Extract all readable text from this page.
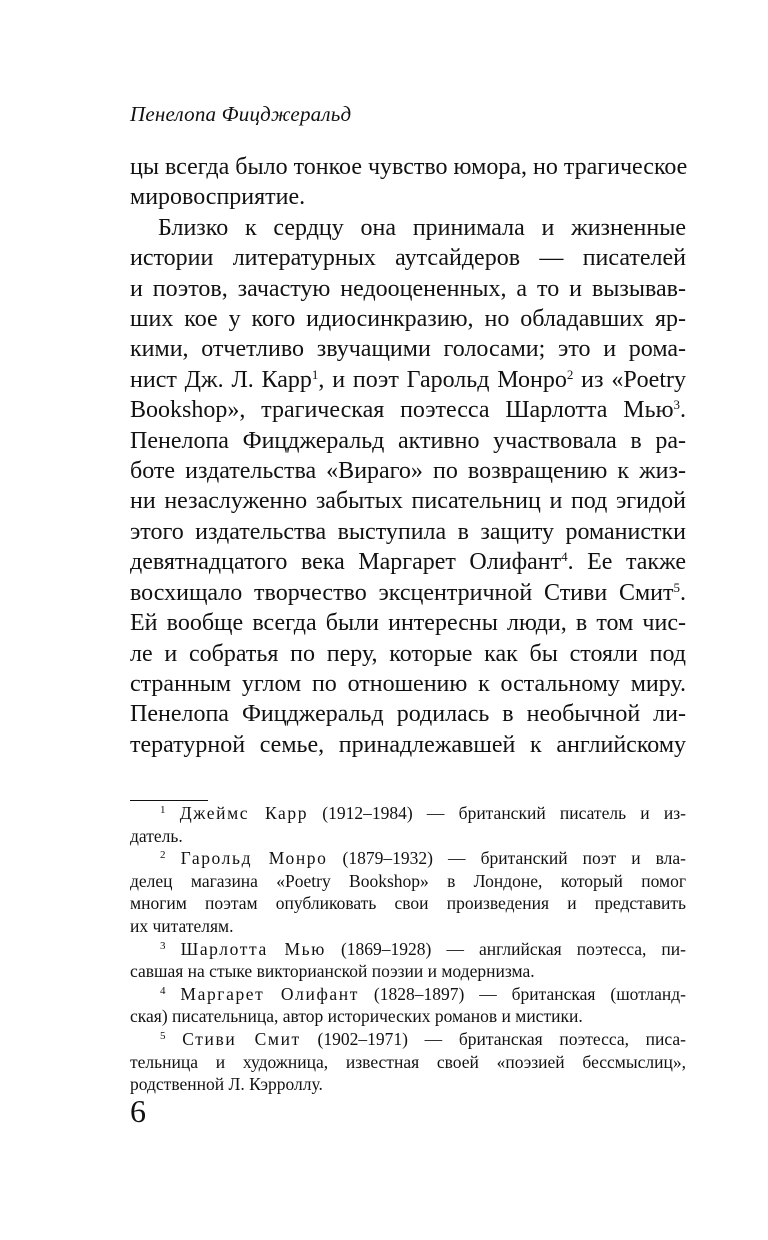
Пенелопа Фицджеральд

цы всегда было тонкое чувство юмора, но трагическое

мировосприятие.

Близко к сердцу она принимала и жизненные

истории литературных аутсайдеров — писателей

и поэтов, зачастую недооцененных, а то и вызывав-

ших кое у кого идиосинкразию, но обладавших яр-

кими, отчетливо звучащими голосами; это и рома-

нист Дж. Л. Карр$^1$, и поэт Гарольд Монро$^2$ из «Poetry

Bookshop», трагическая поэтесса Шарлотта Мью$^3$.

Пенелопа Фицджеральд активно участвовала в ра-

боте издательства «Вираго» по возвращению к жиз-

ни незаслуженно забытых писательниц и под эгидой

этого издательства выступила в защиту романистки

девятнадцатого века Маргарет Олифант$^4$. Ее также

восхищало творчество эксцентричной Стиви Смит$^5$.

Ей вообще всегда были интересны люди, в том чис-

ле и собратья по перу, которые как бы стояли под

странным углом по отношению к остальному миру.

Пенелопа Фицджеральд родилась в необычной ли-

тературной семье, принадлежавшей к английскому

$^1$ Джеймс Карр (1912–1984) — британский писатель и из-

датель.

$^2$ Гарольд Монро (1879–1932) — британский поэт и вла-

делец магазина «Poetry Bookshop» в Лондоне, который помог

многим поэтам опубликовать свои произведения и представить

их читателям.

$^3$ Шарлотта Мью (1869–1928) — английская поэтесса, пи-

савшая на стыке викторианской поэзии и модернизма.

$^4$ Маргарет Олифант (1828–1897) — британская (шотланд-

ская) писательница, автор исторических романов и мистики.

$^5$ Стиви Смит (1902–1971) — британская поэтесса, писа-

тельница и художница, известная своей «поэзией бессмыслиц»,

родственной Л. Кэрроллу.

6
